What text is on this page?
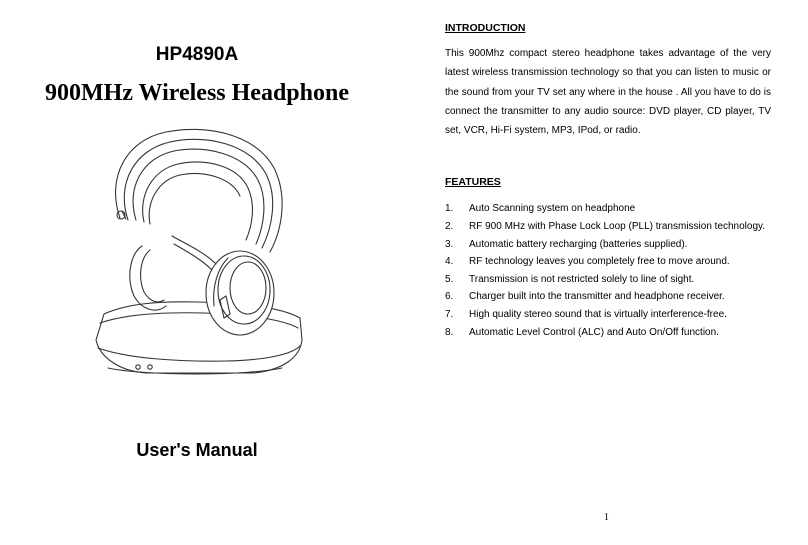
HP4890A
900MHz Wireless Headphone
User's Manual

INTRODUCTION

This 900Mhz compact stereo headphone takes advantage of the very latest wireless transmission technology so that you can listen to music or the sound from your TV set any where in the house . All you have to do is connect the transmitter to any audio source: DVD player, CD player, TV set, VCR, Hi-Fi system, MP3, IPod, or radio.

FEATURES

1.	Auto Scanning system on headphone
2.	RF 900 MHz with Phase Lock Loop (PLL) transmission technology.
3.	Automatic battery recharging (batteries supplied).
4.	RF technology leaves you completely free to move around.
5.	Transmission is not restricted solely to line of sight.
6.	Charger built into the transmitter and headphone receiver.
7.	High quality stereo sound that is virtually interference-free.
8.	Automatic Level Control (ALC) and Auto On/Off function.
1
